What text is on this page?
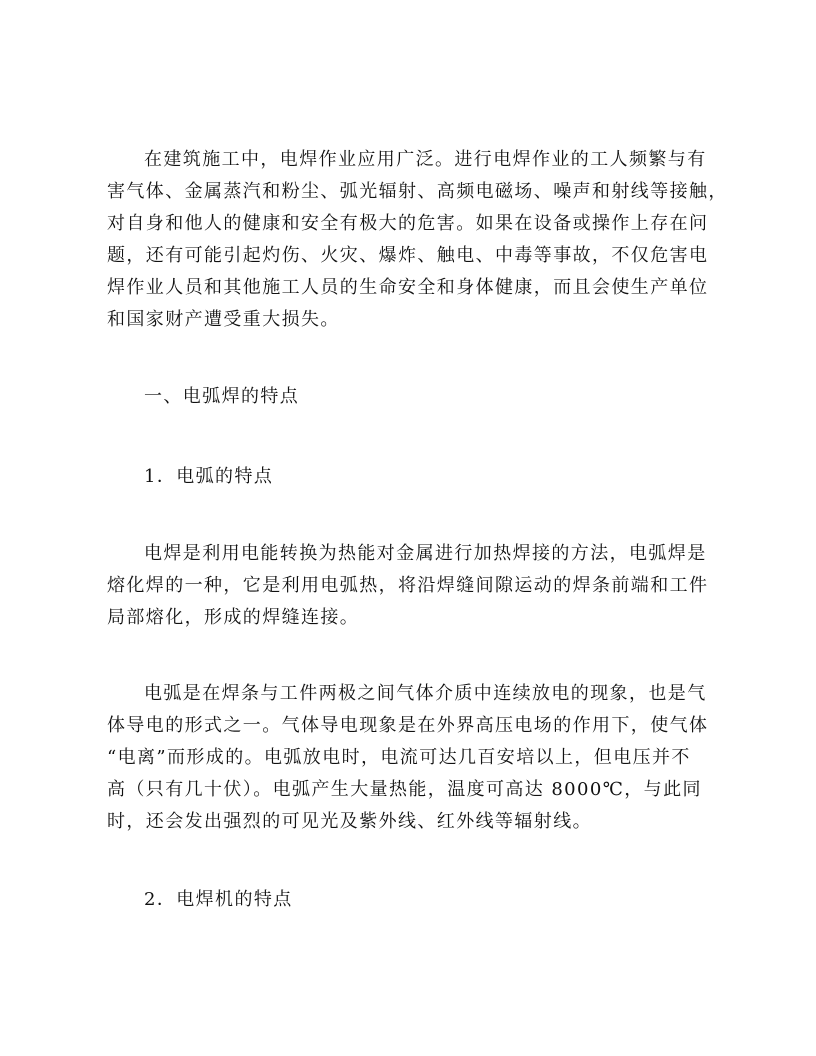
在建筑施工中，电焊作业应用广泛。进行电焊作业的工人频繁与有
害气体、金属蒸汽和粉尘、弧光辐射、高频电磁场、噪声和射线等接触，
对自身和他人的健康和安全有极大的危害。如果在设备或操作上存在问
题，还有可能引起灼伤、火灾、爆炸、触电、中毒等事故，不仅危害电
焊作业人员和其他施工人员的生命安全和身体健康，而且会使生产单位
和国家财产遭受重大损失。
一、电弧焊的特点
1．电弧的特点
电焊是利用电能转换为热能对金属进行加热焊接的方法，电弧焊是
熔化焊的一种，它是利用电弧热，将沿焊缝间隙运动的焊条前端和工件
局部熔化，形成的焊缝连接。
电弧是在焊条与工件两极之间气体介质中连续放电的现象，也是气
体导电的形式之一。气体导电现象是在外界高压电场的作用下，使气体
“电离”而形成的。电弧放电时，电流可达几百安培以上，但电压并不
高（只有几十伏）。电弧产生大量热能，温度可高达 8000℃，与此同
时，还会发出强烈的可见光及紫外线、红外线等辐射线。
2．电焊机的特点
